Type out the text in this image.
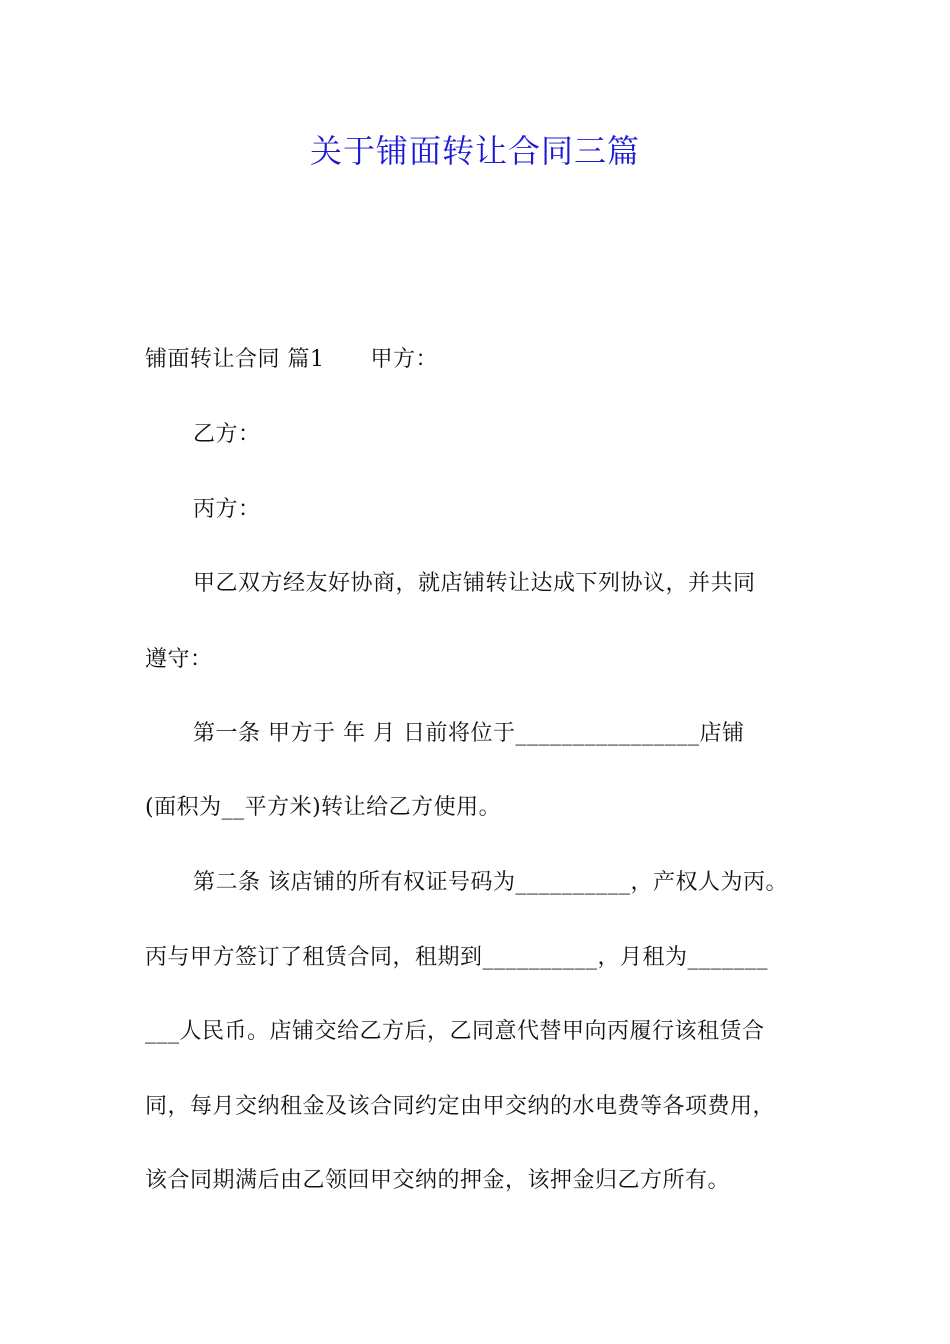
关于铺面转让合同三篇
铺面转让合同 篇1 甲方：
乙方：
丙方：
甲乙双方经友好协商，就店铺转让达成下列协议，并共同
遵守：
第一条 甲方于 年 月 日前将位于________________店铺
(面积为__平方米)转让给乙方使用。
第二条 该店铺的所有权证号码为__________，产权人为丙。
丙与甲方签订了租赁合同，租期到__________，月租为_______
___人民币。店铺交给乙方后，乙同意代替甲向丙履行该租赁合
同，每月交纳租金及该合同约定由甲交纳的水电费等各项费用，
该合同期满后由乙领回甲交纳的押金，该押金归乙方所有。
